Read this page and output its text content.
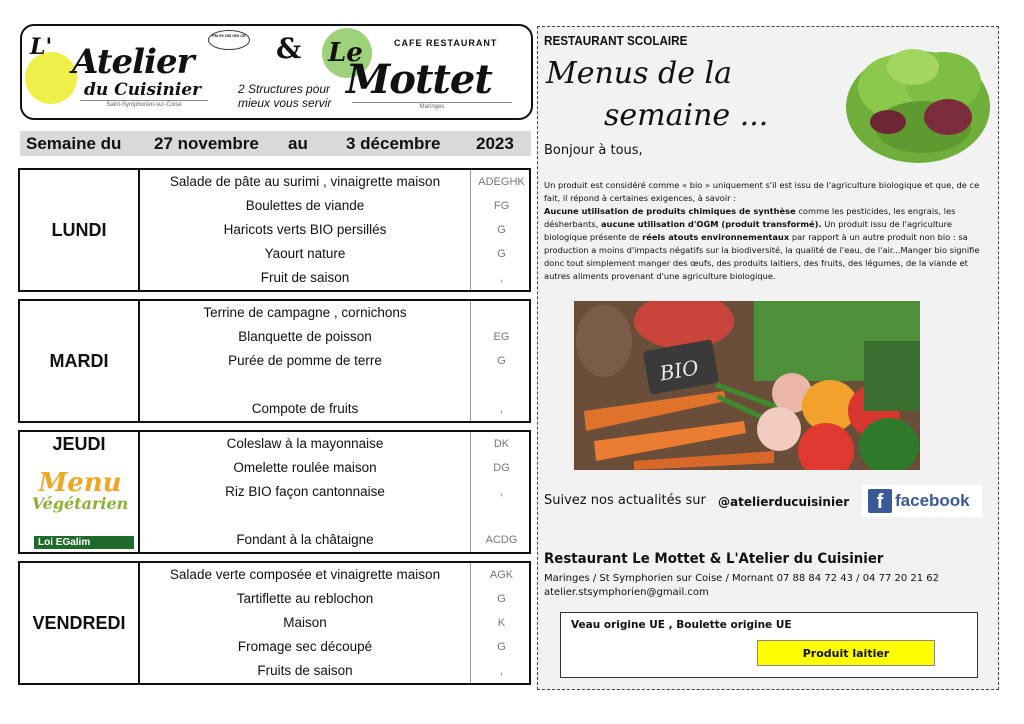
L' Atelier
du Cuisinier
Saint-Symphorien-sur-Coise
FM 09 230 060 CE &
2 Structures pour
mieux vous servir
CAFE RESTAURANT
Le
Mottet
Maringes
Semaine du 27 novembre au 3 décembre 2023
LUNDI
Salade de pâte au surimi , vinaigrette maison	ADEGHK
Boulettes de viande	FG
Haricots verts BIO persillés	G
Yaourt nature	G
Fruit de saison	,
MARDI
Terrine de campagne , cornichons
Blanquette de poisson	EG
Purée de pomme de terre	G
Compote de fruits	,
JEUDI
Menu
Végétarien
Loi EGalim
Coleslaw à la mayonnaise	DK
Omelette roulée maison	DG
Riz BIO façon cantonnaise	,
Fondant à la châtaigne	ACDG
VENDREDI
Salade verte composée et vinaigrette maison	AGK
Tartiflette au reblochon	G
Maison	K
Fromage sec découpé	G
Fruits de saison	,
RESTAURANT SCOLAIRE
Menus de la
semaine ...
Bonjour à tous,
Un produit est considéré comme « bio » uniquement s'il est issu de l'agriculture biologique et que, de ce fait, il répond à certaines exigences, à savoir :
Aucune utilisation de produits chimiques de synthèse comme les pesticides, les engrais, les désherbants, aucune utilisation d'OGM (produit transformé). Un produit issu de l'agriculture biologique présente de réels atouts environnementaux par rapport à un autre produit non bio : sa production a moins d'impacts négatifs sur la biodiversité, la qualité de l'eau, de l'air...Manger bio signifie donc tout simplement manger des œufs, des produits laitiers, des fruits, des légumes, de la viande et autres aliments provenant d'une agriculture biologique.
BIO
Suivez nos actualités sur @atelierducuisinier	f facebook
Restaurant Le Mottet & L'Atelier du Cuisinier
Maringes / St Symphorien sur Coise / Mornant 07 88 84 72 43 / 04 77 20 21 62
atelier.stsymphorien@gmail.com
Veau origine UE , Boulette origine UE
Produit laitier
